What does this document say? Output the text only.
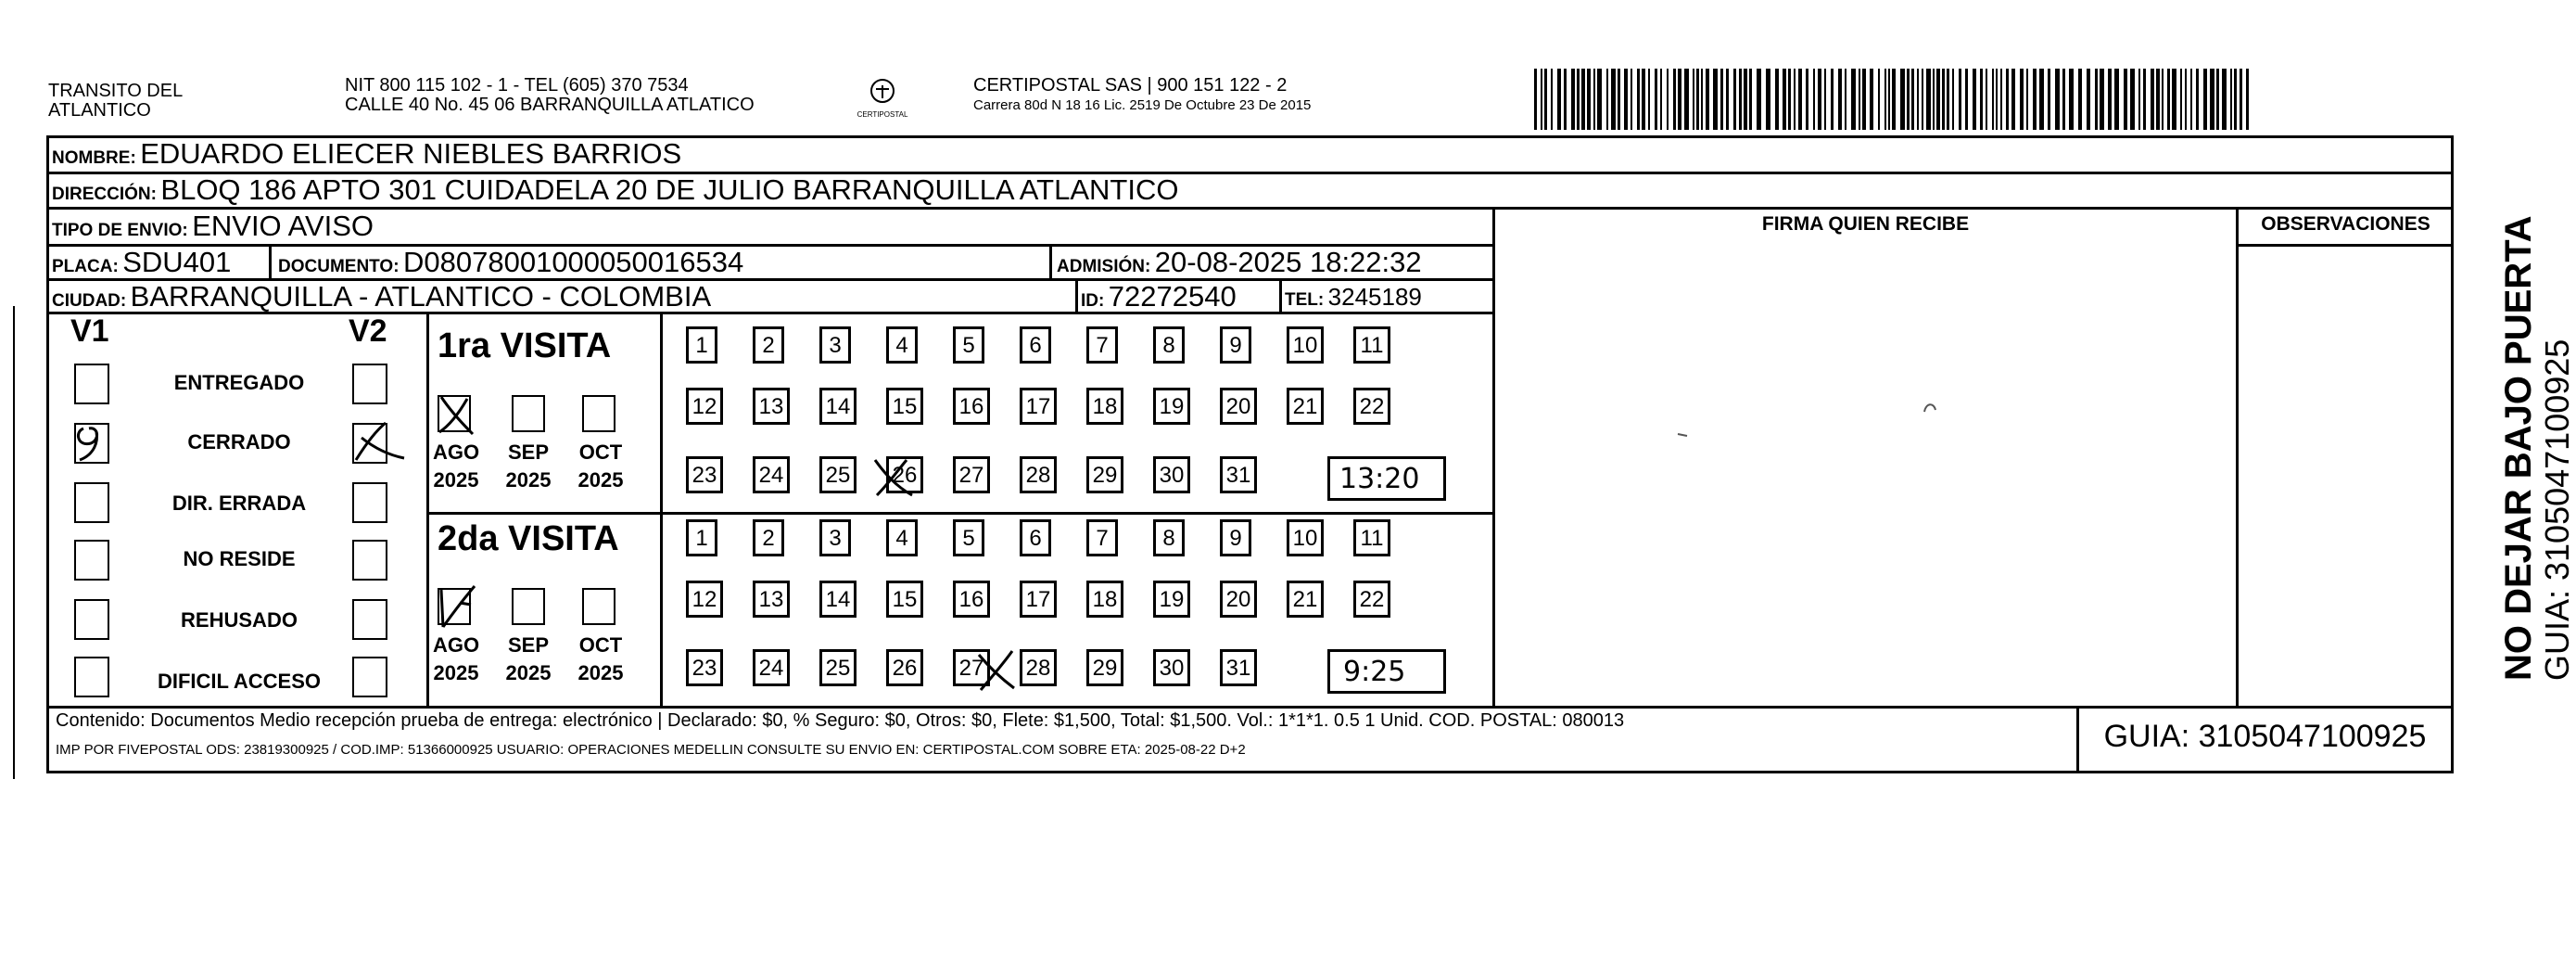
TRANSITO DEL
ATLANTICO
NIT 800 115 102 - 1 - TEL (605) 370 7534
CALLE 40 No. 45 06 BARRANQUILLA ATLATICO	CERTIPOSTAL
CERTIPOSTAL SAS | 900 151 122 - 2
Carrera 80d N 18 16 Lic. 2519 De Octubre 23 De 2015
NOMBRE: EDUARDO ELIECER NIEBLES BARRIOS
DIRECCIÓN: BLOQ 186 APTO 301 CUIDADELA 20 DE JULIO BARRANQUILLA ATLANTICO
TIPO DE ENVIO: ENVIO AVISO	FIRMA QUIEN RECIBE	OBSERVACIONES
PLACA: SDU401	DOCUMENTO: D08078001000050016534	ADMISIÓN: 20-08-2025 18:22:32
CIUDAD: BARRANQUILLA - ATLANTICO - COLOMBIA	ID: 72272540	TEL: 3245189
V1	V2
ENTREGADO
CERRADO
DIR. ERRADA
NO RESIDE
REHUSADO
DIFICIL ACCESO
1ra VISITA
2da VISITA
AGO	SEP	OCT
2025 2025 2025
AGO	SEP	OCT
2025 2025 2025
1	2	3	4	5	6	7	8	9	10	11
12 13 14 15 16 17 18 19 20 21 22
23 24 25 26 27 28 29 30 31
1	2	3	4	5	6	7	8	9	10	11
12 13 14 15 16 17 18 19 20 21 22
23 24 25 26 27 28 29 30 31
13:20
9:25
Contenido: Documentos Medio recepción prueba de entrega: electrónico | Declarado: $0, % Seguro: $0, Otros: $0, Flete: $1,500, Total: $1,500. Vol.: 1*1*1. 0.5 1 Unid. COD. POSTAL: 080013
IMP POR FIVEPOSTAL ODS: 23819300925 / COD.IMP: 51366000925 USUARIO: OPERACIONES MEDELLIN CONSULTE SU ENVIO EN: CERTIPOSTAL.COM SOBRE ETA: 2025-08-22 D+2	GUIA: 3105047100925
NO DEJAR BAJO PUERTA GUIA: 3105047100925
